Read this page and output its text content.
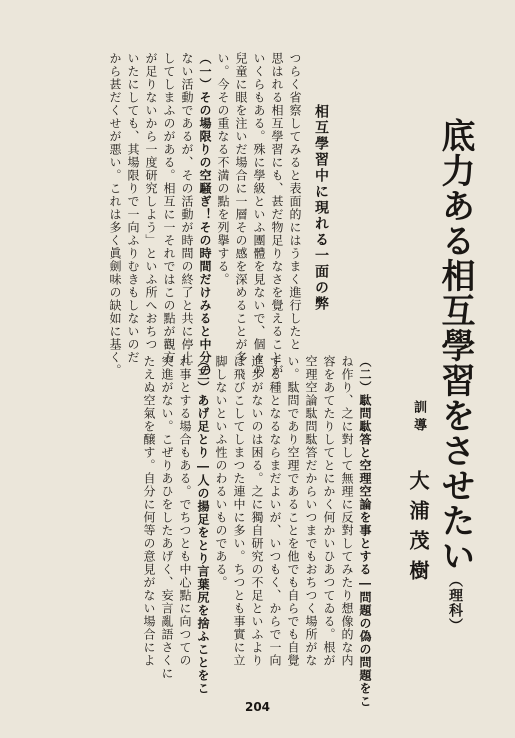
底力ある相互學習をさせたい（理科）
訓導 大浦茂樹
相互學習中に現れる一面の弊

つらく省察してみると表面的にはうまく進行したと

思はれる相互學習にも、甚だ物足りなさを覺えることが

いくらもある。殊に學級といふ團體を見ないで、個々の

兒童に眼を注いだ場合に一層その感を深めることが多

い。今その重なる不満の點を列擧する。

（一）その場限りの空騒ぎ！その時間だけみると中分の

ない活動であるが、その活動が時間の終了と共に停止

してしまふのがある。相互に一それではこの點が觀方

が足りないから一度研究しよう」といふ所へおちつ

いたにしても、其場限りで一向ふりむきもしないのだ

から甚だくせが悪い。これは多く眞劍味の缺如に基く。

（二）駄問駄答と空理空論を事とする―問題の偽の問題をこ

ね作り、之に對して無理に反對してみたり想像的な内

容をあてたりしてとにかく何かいひあつてゐる。根が

空理空論駄問駄答だからいつまでもおちつく場所がな

い。駄問であり空理であることを他でも自らでも自覺

する種となるならまだよいが、いつもく、からで一向

進歩がないのは困る。之に獨自研究の不足といふより

は飛びこしてしまつた連中に多い。ちつとも事實に立

脚しないといふ性のわるいものである。

（三）あげ足とり―人の揚足をとり言葉尻を捨ふことをこ

れ事とする場合もある。でちつとも中心點に向つての

突進がない。こぜりあひをしたあげく、妄言亂語さくに

たえぬ空氣を醸す。自分に何等の意見がない場合によ

204
